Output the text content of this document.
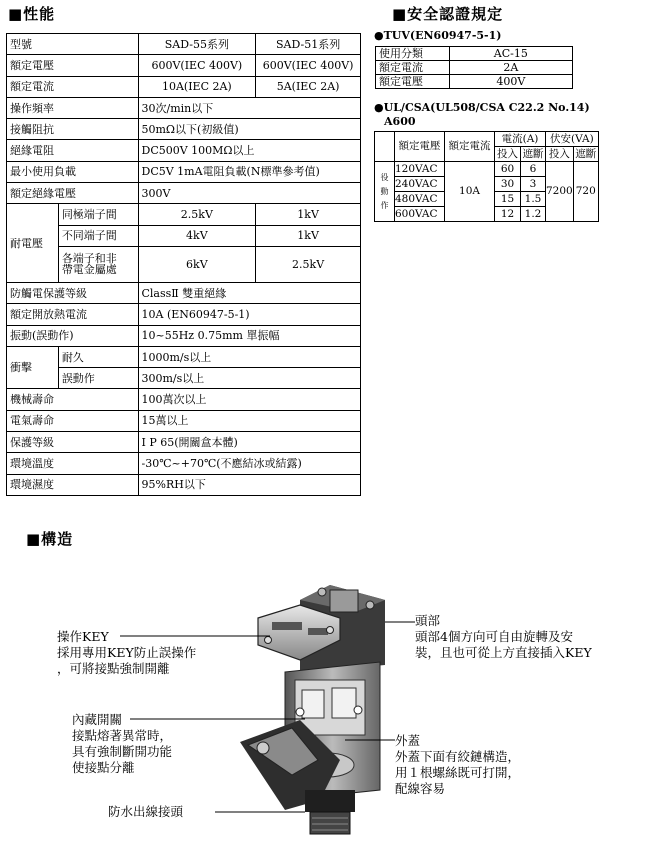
■性能	■安全認證規定
型號		SAD-55系列	SAD-51系列
額定電壓		600V(IEC 400V)	600V(IEC 400V)
額定電流		10A(IEC 2A)	5A(IEC 2A)
操作頻率		30次/min以下	
接觸阻抗		50mΩ以下(初級值)	
絕緣電阻		DC500V 100MΩ以上	
最小使用負載		DC5V 1mA電阻負載(N標準參考值)	
額定絕緣電壓		300V	
耐電壓	同極端子間	2.5kV	1kV
	不同端子間	4kV	1kV

	各端子和非
帶電金屬處	6kV	2.5kV
防觸電保護等級		ClassⅡ 雙重絕緣	
額定開放熱電流		10A (EN60947-5-1)	
振動(誤動作)		10~55Hz 0.75mm 單振幅	
衝擊	耐久	1000m/s以上	
	誤動作	300m/s以上	
機械壽命		100萬次以上	
電氣壽命		15萬以上	
保護等級		I P 65(開關盒本體)	
環境溫度		-30℃~+70℃(不應結冰或結露)	
環境濕度		95%RH以下	
●TUV(EN60947-5-1)
使用分類	AC-15
額定電流	2A
額定電壓	400V
●UL/CSA(UL508/CSA C22.2 No.14)
A600
	額定電壓	額定電流	電流(A)		伏安(VA)	
			投入	遮斷	投入	遮斷

役
動
作	120VAC	10A	60	6	7200	720
	240VAC		30	3		
	480VAC		15	1.5		
	600VAC		12	1.2		
■構造
操作KEY
採用專用KEY防止誤操作
，可將接點強制開離
內藏開關
接點熔著異常時，
具有強制斷開功能
使接點分離
防水出線接頭
頭部
頭部4個方向可自由旋轉及安
裝，且也可從上方直接插入KEY
外蓋
外蓋下面有絞鏈構造，
用１根螺絲既可打開，
配線容易
